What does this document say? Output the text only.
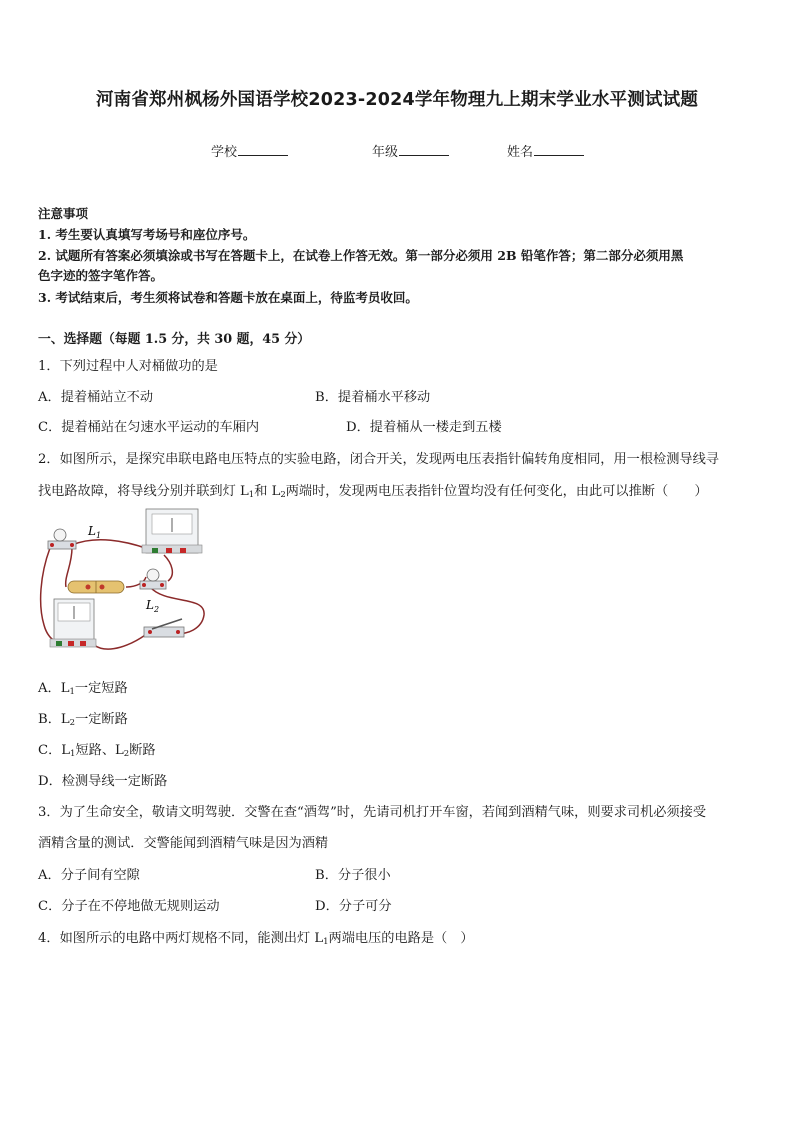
河南省郑州枫杨外国语学校2023-2024学年物理九上期末学业水平测试试题
学校	年级	姓名
注意事项
1. 考生要认真填写考场号和座位序号。
2. 试题所有答案必须填涂或书写在答题卡上，在试卷上作答无效。第一部分必须用 2B 铅笔作答；第二部分必须用黑
色字迹的签字笔作答。
3. 考试结束后，考生须将试卷和答题卡放在桌面上，待监考员收回。
一、选择题（每题 1.5 分，共 30 题，45 分）
1．下列过程中人对桶做功的是
A．提着桶站立不动	B．提着桶水平移动
C．提着桶站在匀速水平运动的车厢内	D．提着桶从一楼走到五楼
2．如图所示，是探究串联电路电压特点的实验电路，闭合开关，发现两电压表指针偏转角度相同，用一根检测导线寻
找电路故障，将导线分别并联到灯 $L_1$和 $L_2$两端时，发现两电压表指针位置均没有任何变化，由此可以推断（　　）
$L_1$
$L_2$
A．$L_1$一定短路
B．$L_2$一定断路
C．$L_1$短路、$L_2$断路
D．检测导线一定断路
3．为了生命安全，敬请文明驾驶．交警在查“酒驾”时，先请司机打开车窗，若闻到酒精气味，则要求司机必须接受
酒精含量的测试．交警能闻到酒精气味是因为酒精
A．分子间有空隙	B．分子很小
C．分子在不停地做无规则运动	D．分子可分
4．如图所示的电路中两灯规格不同，能测出灯 $L_1$两端电压的电路是（　）
